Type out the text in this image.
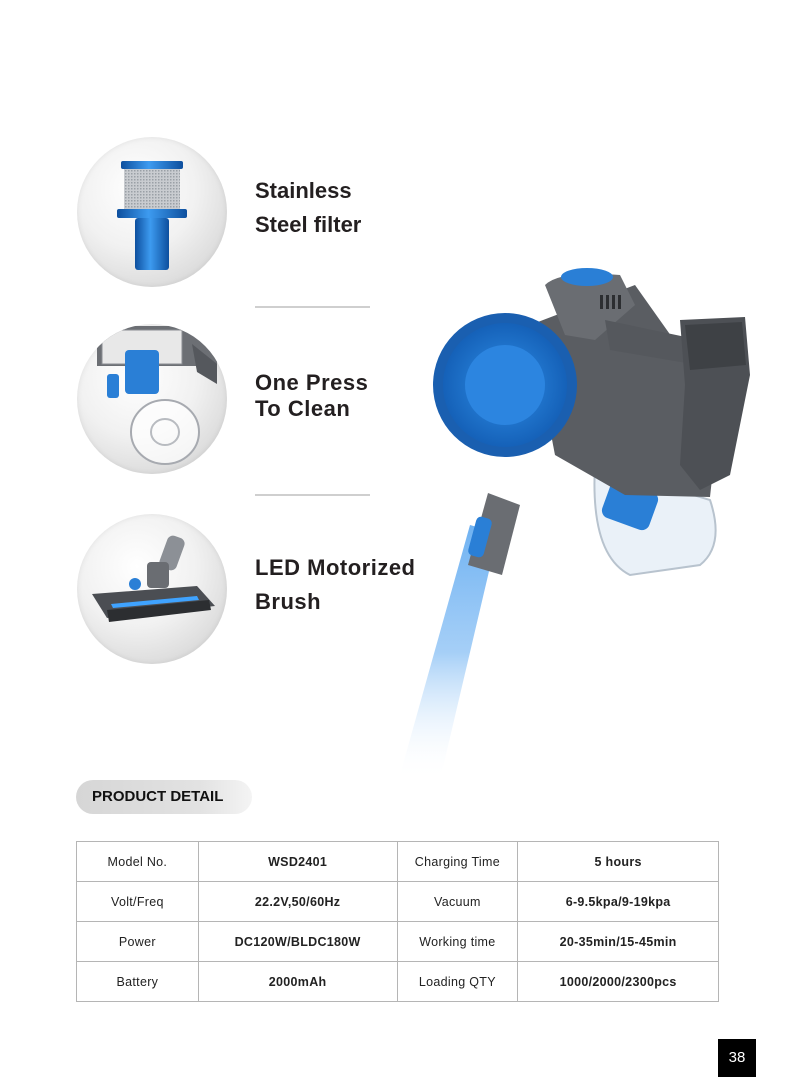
Stainless
Steel filter
One Press
To Clean
LED Motorized
Brush
PRODUCT DETAIL
Model No.	WSD2401	Charging Time	5 hours
Volt/Freq	22.2V,50/60Hz	Vacuum	6-9.5kpa/9-19kpa
Power	DC120W/BLDC180W	Working time	20-35min/15-45min
Battery	2000mAh	Loading QTY	1000/2000/2300pcs
38
